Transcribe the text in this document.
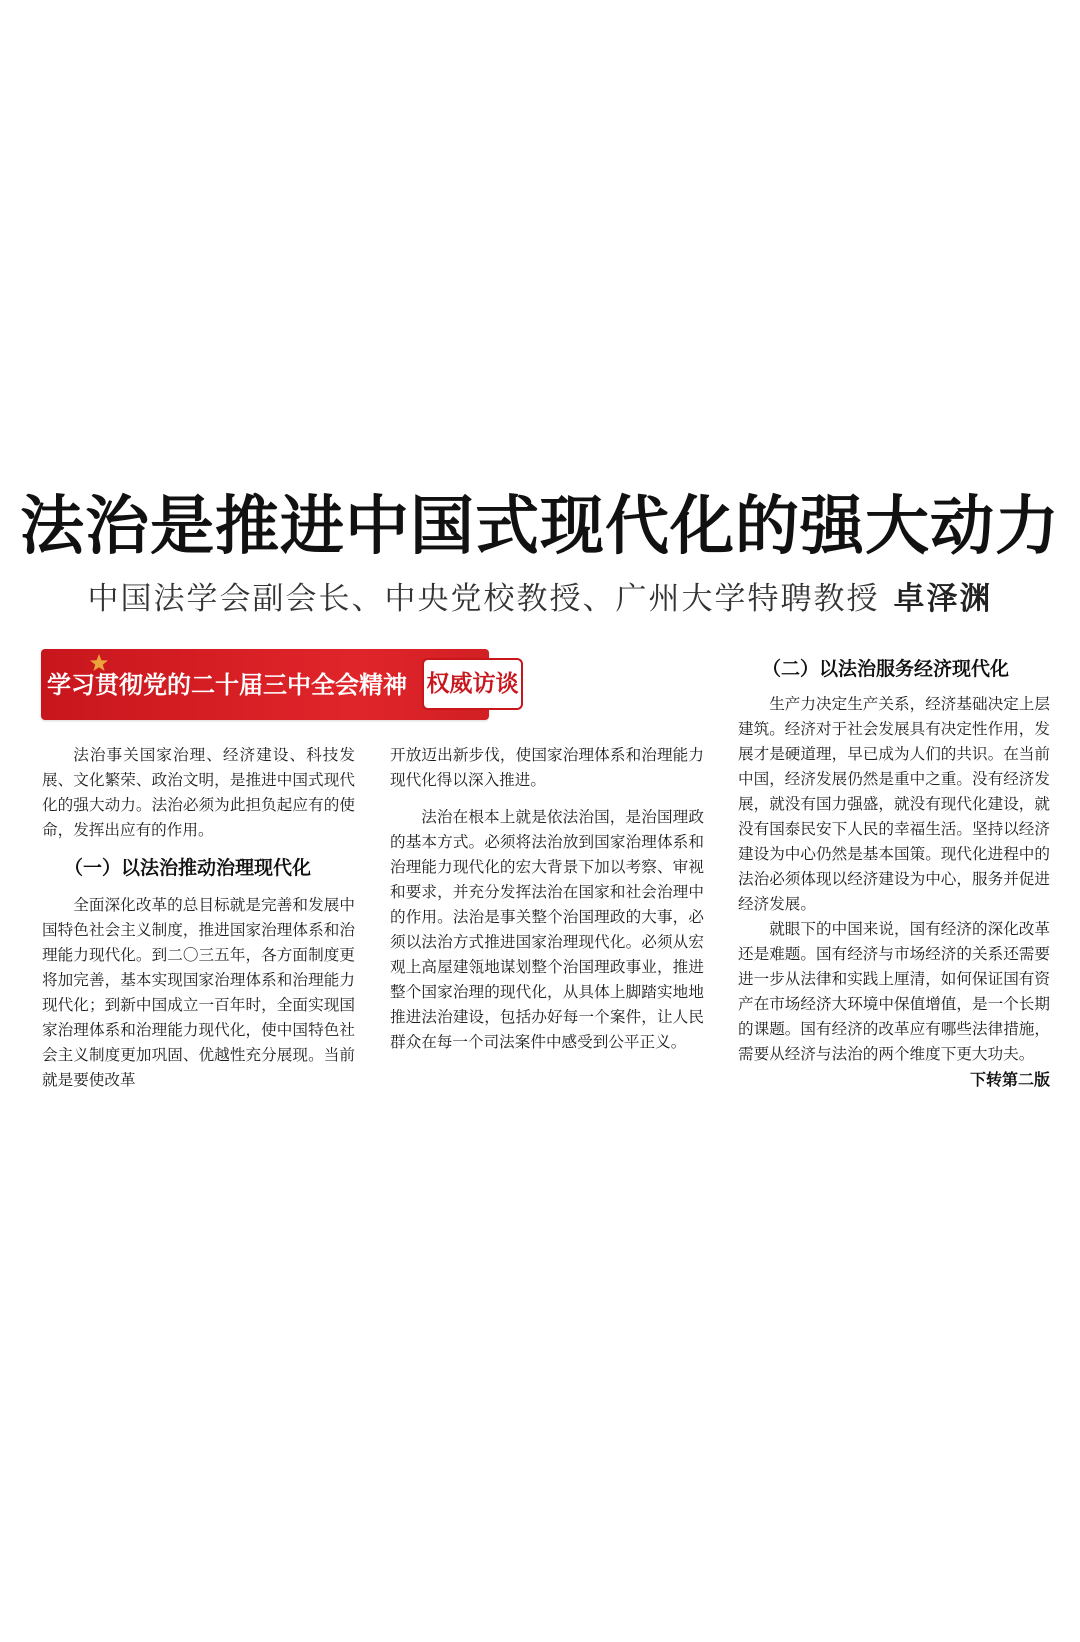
法治是推进中国式现代化的强大动力
中国法学会副会长、中央党校教授、广州大学特聘教授 卓泽渊
学习贯彻党的二十届三中全会精神 权威访谈

法治事关国家治理、经济建设、科技发展、文化繁荣、政治文明，是推进中国式现代化的强大动力。法治必须为此担负起应有的使命，发挥出应有的作用。

（一）以法治推动治理现代化

全面深化改革的总目标就是完善和发展中国特色社会主义制度，推进国家治理体系和治理能力现代化。到二〇三五年，各方面制度更将加完善，基本实现国家治理体系和治理能力现代化；到新中国成立一百年时，全面实现国家治理体系和治理能力现代化，使中国特色社会主义制度更加巩固、优越性充分展现。当前就是要使改革

开放迈出新步伐，使国家治理体系和治理能力现代化得以深入推进。

法治在根本上就是依法治国，是治国理政的基本方式。必须将法治放到国家治理体系和治理能力现代化的宏大背景下加以考察、审视和要求，并充分发挥法治在国家和社会治理中的作用。法治是事关整个治国理政的大事，必须以法治方式推进国家治理现代化。必须从宏观上高屋建瓴地谋划整个治国理政事业，推进整个国家治理的现代化，从具体上脚踏实地地推进法治建设，包括办好每一个案件，让人民群众在每一个司法案件中感受到公平正义。

（二）以法治服务经济现代化

生产力决定生产关系，经济基础决定上层建筑。经济对于社会发展具有决定性作用，发展才是硬道理，早已成为人们的共识。在当前中国，经济发展仍然是重中之重。没有经济发展，就没有国力强盛，就没有现代化建设，就没有国泰民安下人民的幸福生活。坚持以经济建设为中心仍然是基本国策。现代化进程中的法治必须体现以经济建设为中心，服务并促进经济发展。

就眼下的中国来说，国有经济的深化改革还是难题。国有经济与市场经济的关系还需要进一步从法律和实践上厘清，如何保证国有资产在市场经济大环境中保值增值，是一个长期的课题。国有经济的改革应有哪些法律措施，需要从经济与法治的两个维度下更大功夫。
下转第二版
